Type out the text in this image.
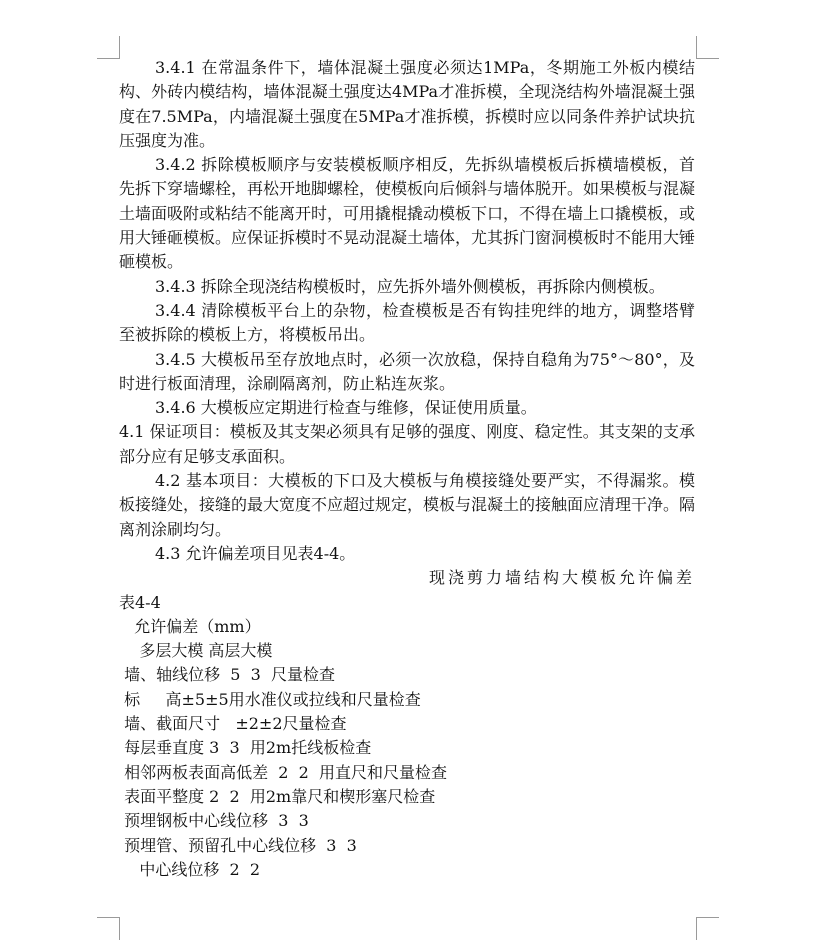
3.4.1 在常温条件下，墙体混凝土强度必须达1MPa，冬期施工外板内模结构、外砖内模结构，墙体混凝土强度达4MPa才准拆模，全现浇结构外墙混凝土强度在7.5MPa，内墙混凝土强度在5MPa才准拆模，拆模时应以同条件养护试块抗压强度为准。

3.4.2 拆除模板顺序与安装模板顺序相反，先拆纵墙模板后拆横墙模板，首先拆下穿墙螺栓，再松开地脚螺栓，使模板向后倾斜与墙体脱开。如果模板与混凝土墙面吸附或粘结不能离开时，可用撬棍撬动模板下口，不得在墙上口撬模板，或用大锤砸模板。应保证拆模时不晃动混凝土墙体，尤其拆门窗洞模板时不能用大锤砸模板。

3.4.3 拆除全现浇结构模板时，应先拆外墙外侧模板，再拆除内侧模板。

3.4.4 清除模板平台上的杂物，检查模板是否有钩挂兜绊的地方，调整塔臂至被拆除的模板上方，将模板吊出。

3.4.5 大模板吊至存放地点时，必须一次放稳，保持自稳角为75°～80°，及时进行板面清理，涂刷隔离剂，防止粘连灰浆。

3.4.6 大模板应定期进行检查与维修，保证使用质量。

4.1 保证项目：模板及其支架必须具有足够的强度、刚度、稳定性。其支架的支承部分应有足够支承面积。

4.2 基本项目：大模板的下口及大模板与角模接缝处要严实，不得漏浆。模板接缝处，接缝的最大宽度不应超过规定，模板与混凝土的接触面应清理干净。隔离剂涂刷均匀。

4.3 允许偏差项目见表4-4。

现浇剪力墙结构大模板允许偏差
表4-4

允许偏差（mm）

多层大模 高层大模

墙、轴线位移  5  3  尺量检查

标     高±5±5用水准仪或拉线和尺量检查

墙、截面尺寸   ±2±2尺量检查

每层垂直度 3  3  用2m托线板检查

相邻两板表面高低差  2  2  用直尺和尺量检查

表面平整度 2  2  用2m靠尺和楔形塞尺检查

预埋钢板中心线位移  3  3

预埋管、预留孔中心线位移  3  3

中心线位移  2  2
